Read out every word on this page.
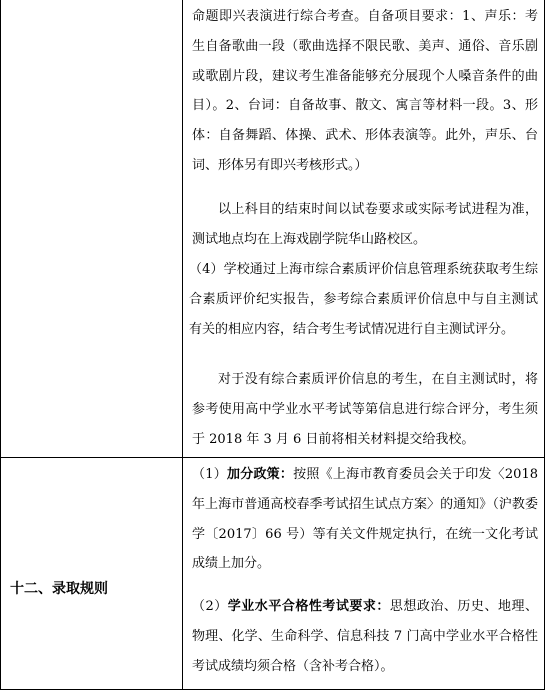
命题即兴表演进行综合考查。自备项目要求：1、声乐：考生自备歌曲一段（歌曲选择不限民歌、美声、通俗、音乐剧或歌剧片段，建议考生准备能够充分展现个人嗓音条件的曲目）。2、台词：自备故事、散文、寓言等材料一段。3、形体：自备舞蹈、体操、武术、形体表演等。此外，声乐、台词、形体另有即兴考核形式。）

以上科目的结束时间以试卷要求或实际考试进程为准，测试地点均在上海戏剧学院华山路校区。

（4）学校通过上海市综合素质评价信息管理系统获取考生综合素质评价纪实报告，参考综合素质评价信息中与自主测试有关的相应内容，结合考生考试情况进行自主测试评分。

对于没有综合素质评价信息的考生，在自主测试时，将参考使用高中学业水平考试等第信息进行综合评分，考生须于 2018 年 3 月 6 日前将相关材料提交给我校。

十二、录取规则

（1）加分政策：按照《上海市教育委员会关于印发〈2018 年上海市普通高校春季考试招生试点方案〉的通知》（沪教委学〔2017〕66 号）等有关文件规定执行，在统一文化考试成绩上加分。

（2）学业水平合格性考试要求：思想政治、历史、地理、物理、化学、生命科学、信息科技 7 门高中学业水平合格性考试成绩均须合格（含补考合格）。
